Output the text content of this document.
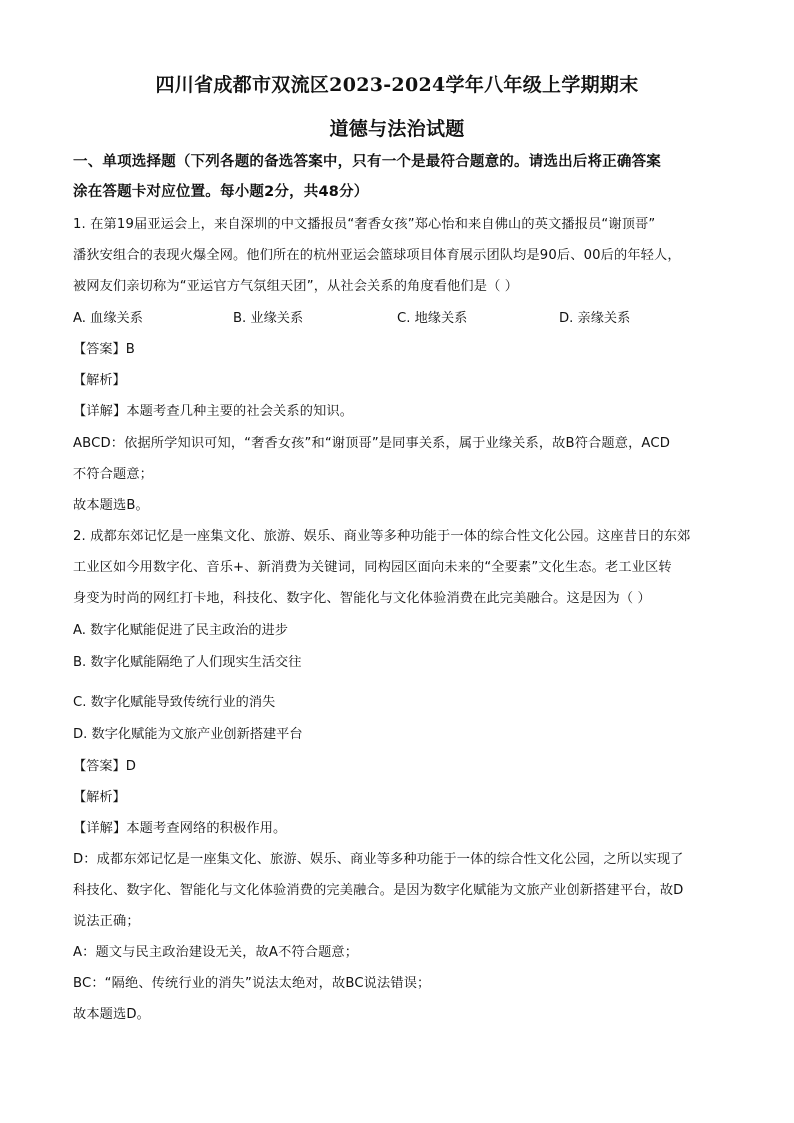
四川省成都市双流区2023-2024学年八年级上学期期末
道德与法治试题
一、单项选择题（下列各题的备选答案中，只有一个是最符合题意的。请选出后将正确答案
涂在答题卡对应位置。每小题2分，共48分）
1. 在第19届亚运会上，来自深圳的中文播报员“奢香女孩”郑心怡和来自佛山的英文播报员“谢顶哥”
潘狄安组合的表现火爆全网。他们所在的杭州亚运会篮球项目体育展示团队均是90后、00后的年轻人，
被网友们亲切称为“亚运官方气氛组天团”，从社会关系的角度看他们是（ ）
A. 血缘关系	B. 业缘关系	C. 地缘关系	D. 亲缘关系
【答案】B
【解析】
【详解】本题考查几种主要的社会关系的知识。
ABCD：依据所学知识可知，“奢香女孩”和“谢顶哥”是同事关系，属于业缘关系，故B符合题意，ACD
不符合题意；
故本题选B。
2. 成都东郊记忆是一座集文化、旅游、娱乐、商业等多种功能于一体的综合性文化公园。这座昔日的东郊
工业区如今用数字化、音乐+、新消费为关键词，同构园区面向未来的“全要素”文化生态。老工业区转
身变为时尚的网红打卡地，科技化、数字化、智能化与文化体验消费在此完美融合。这是因为（ ）
A. 数字化赋能促进了民主政治的进步
B. 数字化赋能隔绝了人们现实生活交往
C. 数字化赋能导致传统行业的消失
D. 数字化赋能为文旅产业创新搭建平台
【答案】D
【解析】
【详解】本题考查网络的积极作用。
D：成都东郊记忆是一座集文化、旅游、娱乐、商业等多种功能于一体的综合性文化公园，之所以实现了
科技化、数字化、智能化与文化体验消费的完美融合。是因为数字化赋能为文旅产业创新搭建平台，故D
说法正确；
A：题文与民主政治建设无关，故A不符合题意；
BC：“隔绝、传统行业的消失”说法太绝对，故BC说法错误；
故本题选D。
